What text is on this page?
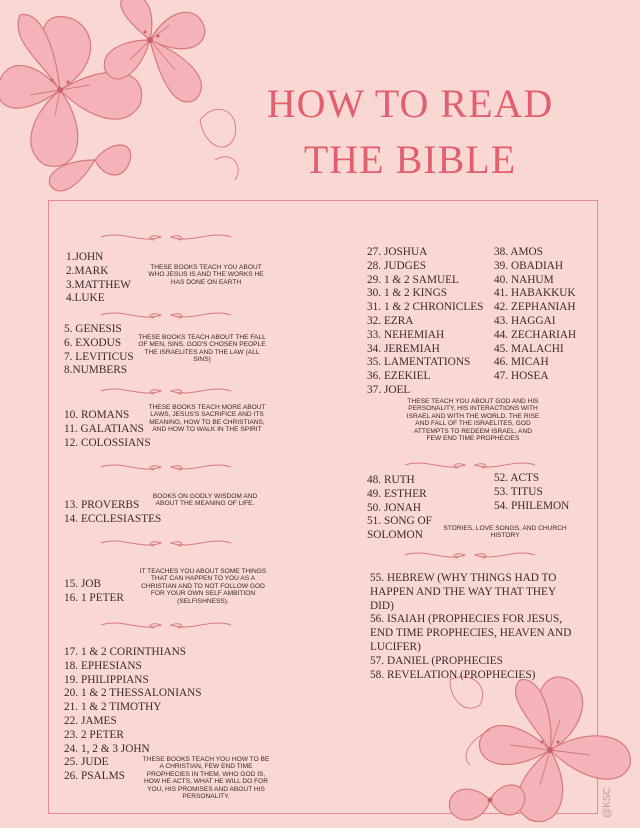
HOW TO READ
THE BIBLE
1.JOHN
2.MARK
3.MATTHEW
4.LUKE
THESE BOOKS TEACH YOU ABOUT WHO JESUS IS AND THE WORKS HE HAS DONE ON EARTH
5. GENESIS
6. EXODUS
7. LEVITICUS
8.NUMBERS
THESE BOOKS TEACH ABOUT THE FALL OF MEN, SINS, GOD'S CHOSEN PEOPLE THE ISRAELITES AND THE LAW (ALL SINS)
10. ROMANS
11. GALATIANS
12. COLOSSIANS
THESE BOOKS TEACH MORE ABOUT LAWS, JESUS'S SACRIFICE AND ITS MEANING, HOW TO BE CHRISTIANS, AND HOW TO WALK IN THE SPIRIT
13. PROVERBS
14. ECCLESIASTES
BOOKS ON GODLY WISDOM AND ABOUT THE MEANING OF LIFE.
15. JOB
16. 1 PETER
IT TEACHES YOU ABOUT SOME THINGS THAT CAN HAPPEN TO YOU AS A CHRISTIAN AND TO NOT FOLLOW GOD FOR YOUR OWN SELF AMBITION (SELFISHNESS).
17. 1 & 2 CORINTHIANS
18. EPHESIANS
19. PHILIPPIANS
20. 1 & 2 THESSALONIANS
21. 1 & 2 TIMOTHY
22. JAMES
23. 2 PETER
24. 1, 2 & 3 JOHN
25. JUDE
26. PSALMS
THESE BOOKS TEACH YOU HOW TO BE A CHRISTIAN, FEW END TIME PROPHECIES IN THEM, WHO GOD IS, HOW HE ACTS, WHAT HE WILL DO FOR YOU, HIS PROMISES AND ABOUT HIS PERSONALITY.
27. JOSHUA
28. JUDGES
29. 1 & 2 SAMUEL
30. 1 & 2 KINGS
31. 1 & 2 CHRONICLES
32. EZRA
33. NEHEMIAH
34. JEREMIAH
35. LAMENTATIONS
36. EZEKIEL
37. JOEL
38. AMOS
39. OBADIAH
40. NAHUM
41. HABAKKUK
42. ZEPHANIAH
43. HAGGAI
44. ZECHARIAH
45. MALACHI
46. MICAH
47. HOSEA
THESE TEACH YOU ABOUT GOD AND HIS PERSONALITY, HIS INTERACTIONS WITH ISRAEL AND WITH THE WORLD. THE RISE AND FALL OF THE ISRAELITES, GOD ATTEMPTS TO REDEEM ISRAEL, AND FEW END TIME PROPHECIES
48. RUTH
49. ESTHER
50. JONAH
51. SONG OF
SOLOMON
52. ACTS
53. TITUS
54. PHILEMON
STORIES, LOVE SONGS, AND CHURCH HISTORY
55. HEBREW (WHY THINGS HAD TO HAPPEN AND THE WAY THAT THEY DID)
56. ISAIAH (PROPHECIES FOR JESUS, END TIME PROPHECIES, HEAVEN AND LUCIFER)
57. DANIEL (PROPHECIES
58. REVELATION (PROPHECIES)
@KSC
